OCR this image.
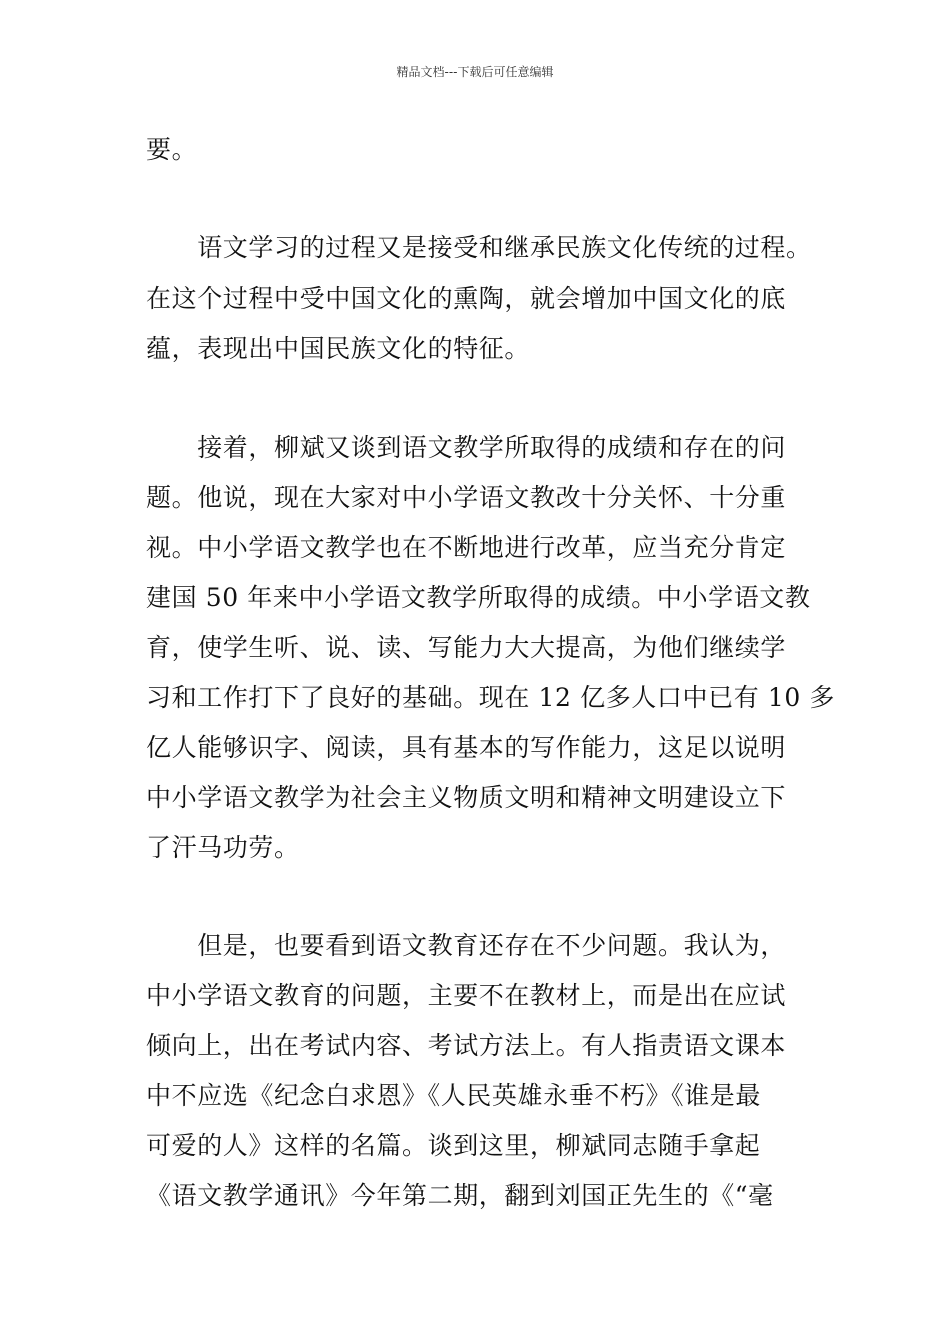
精品文档---下载后可任意编辑
要。
　　语文学习的过程又是接受和继承民族文化传统的过程。
在这个过程中受中国文化的熏陶，就会增加中国文化的底
蕴，表现出中国民族文化的特征。
　　接着，柳斌又谈到语文教学所取得的成绩和存在的问
题。他说，现在大家对中小学语文教改十分关怀、十分重
视。中小学语文教学也在不断地进行改革，应当充分肯定
建国 50 年来中小学语文教学所取得的成绩。中小学语文教
育，使学生听、说、读、写能力大大提高，为他们继续学
习和工作打下了良好的基础。现在 12 亿多人口中已有 10 多
亿人能够识字、阅读，具有基本的写作能力，这足以说明
中小学语文教学为社会主义物质文明和精神文明建设立下
了汗马功劳。
　　但是，也要看到语文教育还存在不少问题。我认为，
中小学语文教育的问题，主要不在教材上，而是出在应试
倾向上，出在考试内容、考试方法上。有人指责语文课本
中不应选《纪念白求恩》《人民英雄永垂不朽》《谁是最
可爱的人》这样的名篇。谈到这里，柳斌同志随手拿起
《语文教学通讯》今年第二期，翻到刘国正先生的《“毫
